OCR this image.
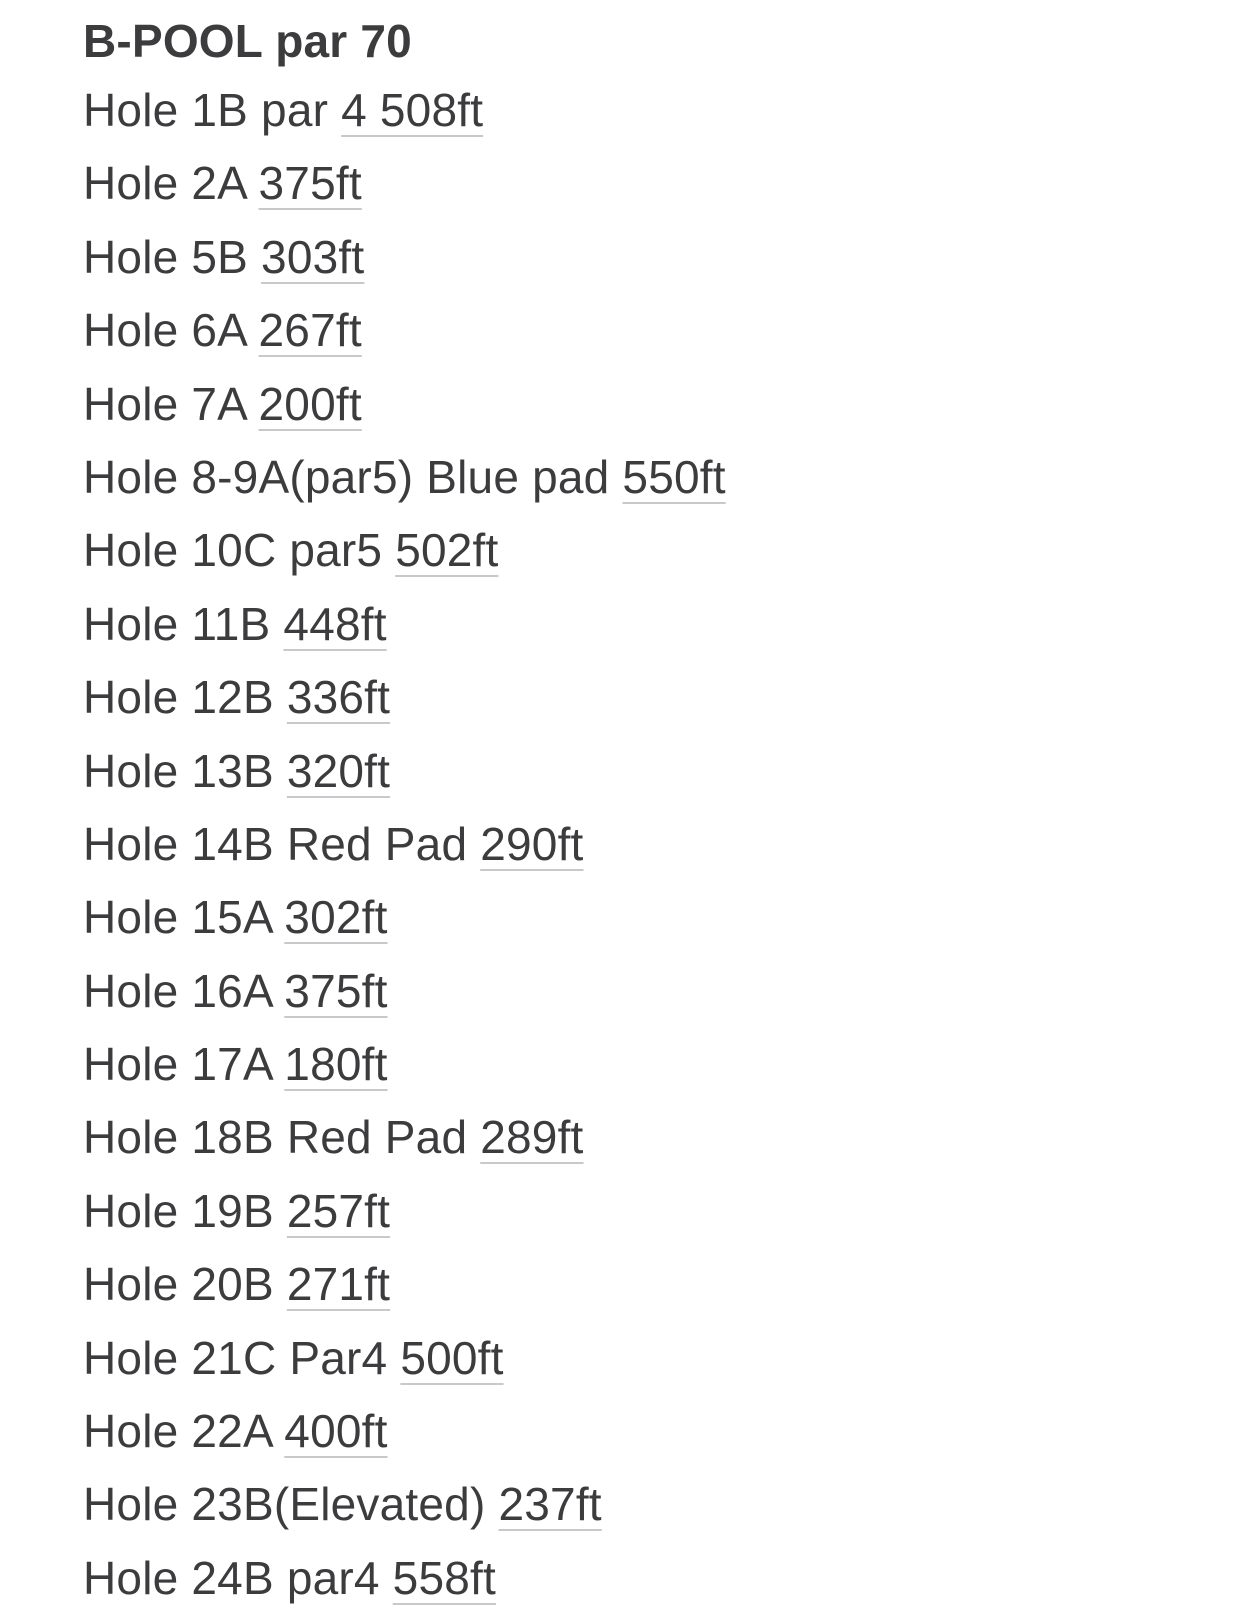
B-POOL par 70
Hole 1B par 4 508ft
Hole 2A 375ft
Hole 5B 303ft
Hole 6A 267ft
Hole 7A 200ft
Hole 8-9A(par5) Blue pad 550ft
Hole 10C par5 502ft
Hole 11B 448ft
Hole 12B 336ft
Hole 13B 320ft
Hole 14B Red Pad 290ft
Hole 15A 302ft
Hole 16A 375ft
Hole 17A 180ft
Hole 18B Red Pad 289ft
Hole 19B 257ft
Hole 20B 271ft
Hole 21C Par4 500ft
Hole 22A 400ft
Hole 23B(Elevated) 237ft
Hole 24B par4 558ft
